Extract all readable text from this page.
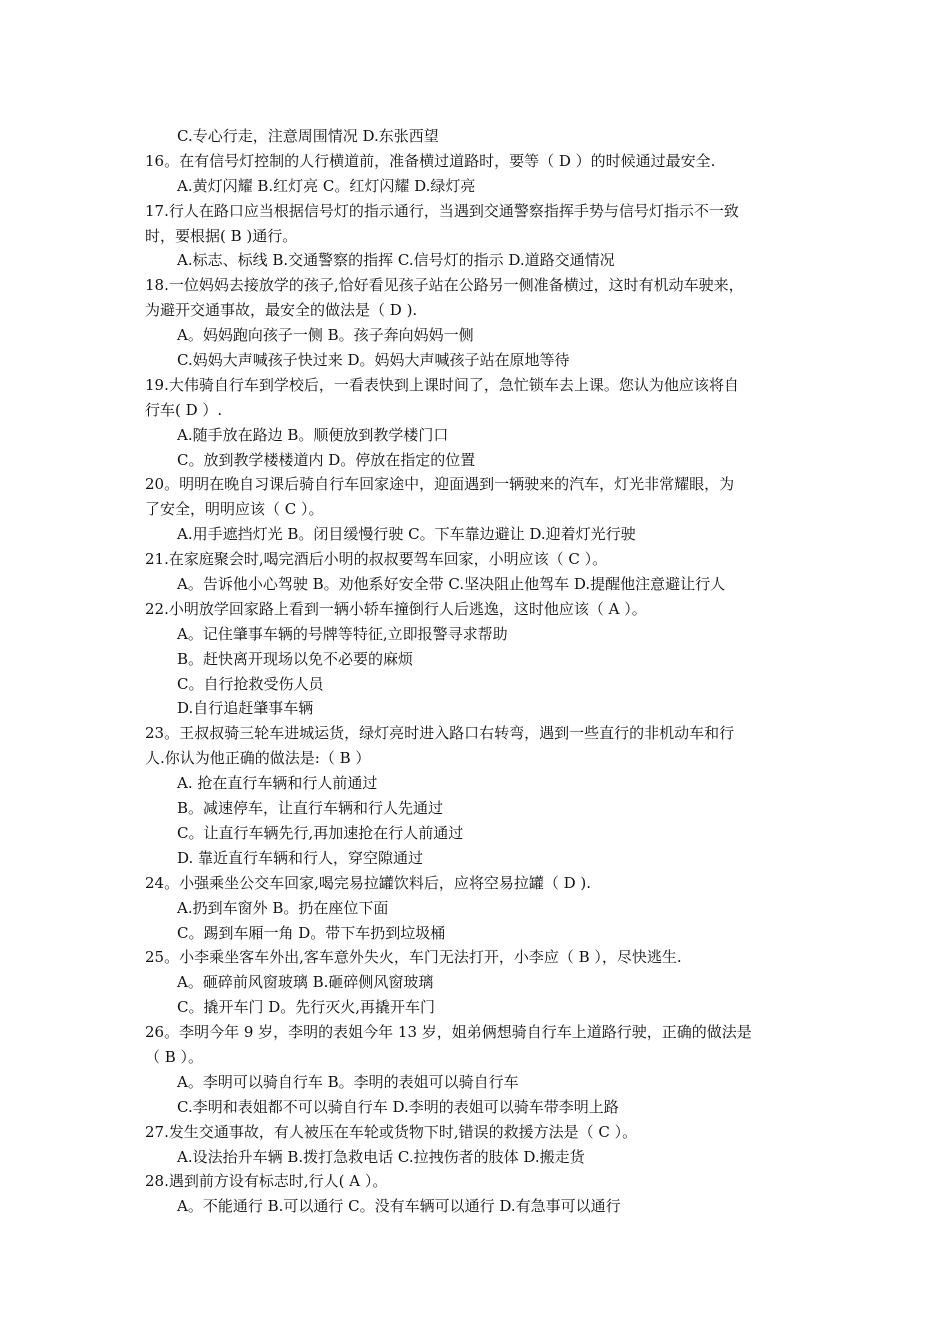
C.专心行走，注意周围情况 D.东张西望
16。在有信号灯控制的人行横道前，准备横过道路时，要等（ D ）的时候通过最安全.
A.黄灯闪耀 B.红灯亮 C。红灯闪耀 D.绿灯亮
17.行人在路口应当根据信号灯的指示通行，当遇到交通警察指挥手势与信号灯指示不一致
时，要根据( B )通行。
A.标志、标线 B.交通警察的指挥 C.信号灯的指示 D.道路交通情况
18.一位妈妈去接放学的孩子,恰好看见孩子站在公路另一侧准备横过，这时有机动车驶来，
为避开交通事故，最安全的做法是（ D ).
A。妈妈跑向孩子一侧 B。孩子奔向妈妈一侧
C.妈妈大声喊孩子快过来 D。妈妈大声喊孩子站在原地等待
19.大伟骑自行车到学校后，一看表快到上课时间了，急忙锁车去上课。您认为他应该将自
行车( D ）.
A.随手放在路边 B。顺便放到教学楼门口
C。放到教学楼楼道内 D。停放在指定的位置
20。明明在晚自习课后骑自行车回家途中，迎面遇到一辆驶来的汽车，灯光非常耀眼，为
了安全，明明应该（ C ）。
A.用手遮挡灯光 B。闭目缓慢行驶 C。下车靠边避让 D.迎着灯光行驶
21.在家庭聚会时,喝完酒后小明的叔叔要驾车回家，小明应该（ C ）。
A。告诉他小心驾驶 B。劝他系好安全带 C.坚决阻止他驾车 D.提醒他注意避让行人
22.小明放学回家路上看到一辆小轿车撞倒行人后逃逸，这时他应该（ A ）。
A。记住肇事车辆的号牌等特征,立即报警寻求帮助
B。赶快离开现场以免不必要的麻烦
C。自行抢救受伤人员
D.自行追赶肇事车辆
23。王叔叔骑三轮车进城运货，绿灯亮时进入路口右转弯，遇到一些直行的非机动车和行
人.你认为他正确的做法是:（ B ）
A. 抢在直行车辆和行人前通过
B。减速停车，让直行车辆和行人先通过
C。让直行车辆先行,再加速抢在行人前通过
D. 靠近直行车辆和行人，穿空隙通过
24。小强乘坐公交车回家,喝完易拉罐饮料后，应将空易拉罐（ D ).
A.扔到车窗外 B。扔在座位下面
C。踢到车厢一角 D。带下车扔到垃圾桶
25。小李乘坐客车外出,客车意外失火，车门无法打开，小李应（ B ），尽快逃生.
A。砸碎前风窗玻璃 B.砸碎侧风窗玻璃
C。撬开车门 D。先行灭火,再撬开车门
26。李明今年 9 岁，李明的表姐今年 13 岁，姐弟俩想骑自行车上道路行驶，正确的做法是
（ B ）。
A。李明可以骑自行车 B。李明的表姐可以骑自行车
C.李明和表姐都不可以骑自行车 D.李明的表姐可以骑车带李明上路
27.发生交通事故，有人被压在车轮或货物下时,错误的救援方法是（ C ）。
A.设法抬升车辆 B.拨打急救电话 C.拉拽伤者的肢体 D.搬走货
28.遇到前方设有标志时,行人( A ）。
A。不能通行 B.可以通行 C。没有车辆可以通行 D.有急事可以通行
